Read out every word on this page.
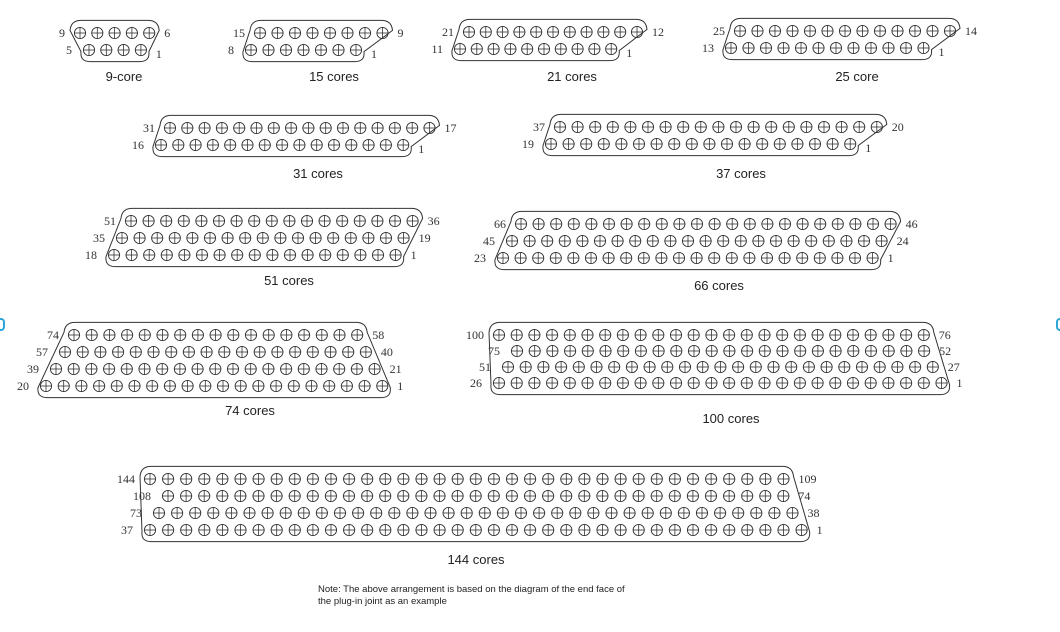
9	6
5	1
9-core
15	9
8	1
15 cores
21	12
11	1
21 cores
25	14
13	1
25 core
31	17
16	1
31 cores
37	20
19	1
37 cores
51	36
35	19
18	1
51 cores
66	46
45	24
23	1
66 cores
74	58
57	40
39	21
20	1
74 cores
100	76
75	52
51	27
26	1
100 cores
144	109
108	74
73	38
37	1
144 cores
Note: The above arrangement is based on the diagram of the end face of
the plug-in joint as an example
